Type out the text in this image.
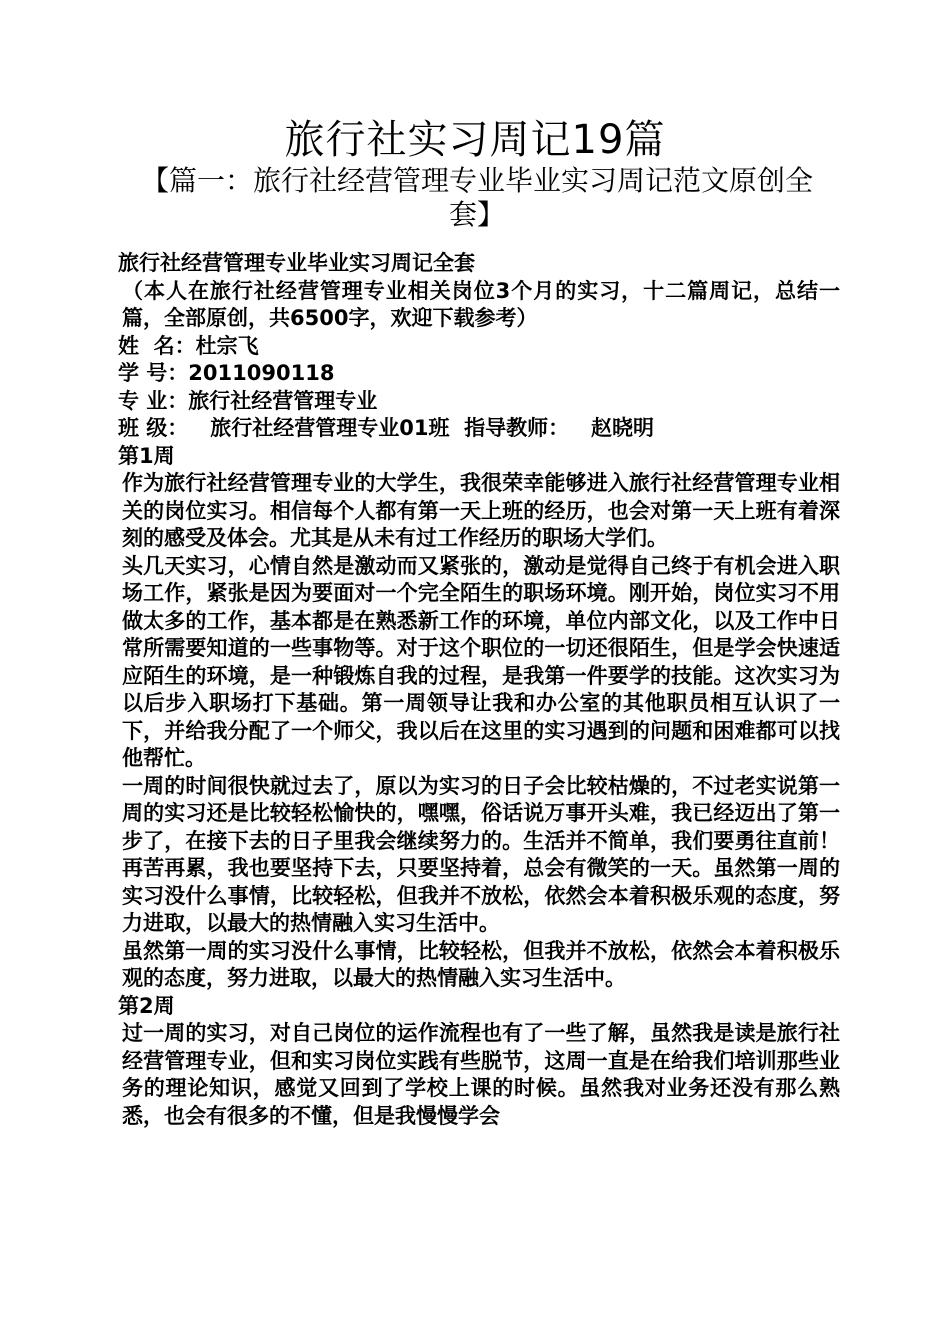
旅行社实习周记19篇
【篇一：旅行社经营管理专业毕业实习周记范文原创全套】
旅行社经营管理专业毕业实习周记全套

（本人在旅行社经营管理专业相关岗位3个月的实习，十二篇周记，总结一篇，全部原创，共6500字，欢迎下载参考）

姓  名：杜宗飞
学 号：2011090118
专 业：旅行社经营管理专业
班 级：   旅行社经营管理专业01班  指导教师：   赵晓明
第1周

作为旅行社经营管理专业的大学生，我很荣幸能够进入旅行社经营管理专业相关的岗位实习。相信每个人都有第一天上班的经历，也会对第一天上班有着深刻的感受及体会。尤其是从未有过工作经历的职场大学们。

头几天实习，心情自然是激动而又紧张的，激动是觉得自己终于有机会进入职场工作，紧张是因为要面对一个完全陌生的职场环境。刚开始，岗位实习不用做太多的工作，基本都是在熟悉新工作的环境，单位内部文化，以及工作中日常所需要知道的一些事物等。对于这个职位的一切还很陌生，但是学会快速适应陌生的环境，是一种锻炼自我的过程，是我第一件要学的技能。这次实习为以后步入职场打下基础。第一周领导让我和办公室的其他职员相互认识了一下，并给我分配了一个师父，我以后在这里的实习遇到的问题和困难都可以找他帮忙。

一周的时间很快就过去了，原以为实习的日子会比较枯燥的，不过老实说第一周的实习还是比较轻松愉快的，嘿嘿，俗话说万事开头难，我已经迈出了第一步了，在接下去的日子里我会继续努力的。生活并不简单，我们要勇往直前！再苦再累，我也要坚持下去，只要坚持着，总会有微笑的一天。虽然第一周的实习没什么事情，比较轻松，但我并不放松，依然会本着积极乐观的态度，努力进取，以最大的热情融入实习生活中。

虽然第一周的实习没什么事情，比较轻松，但我并不放松，依然会本着积极乐观的态度，努力进取，以最大的热情融入实习生活中。

第2周

过一周的实习，对自己岗位的运作流程也有了一些了解，虽然我是读是旅行社经营管理专业，但和实习岗位实践有些脱节，这周一直是在给我们培训那些业务的理论知识，感觉又回到了学校上课的时候。虽然我对业务还没有那么熟悉，也会有很多的不懂，但是我慢慢学会
